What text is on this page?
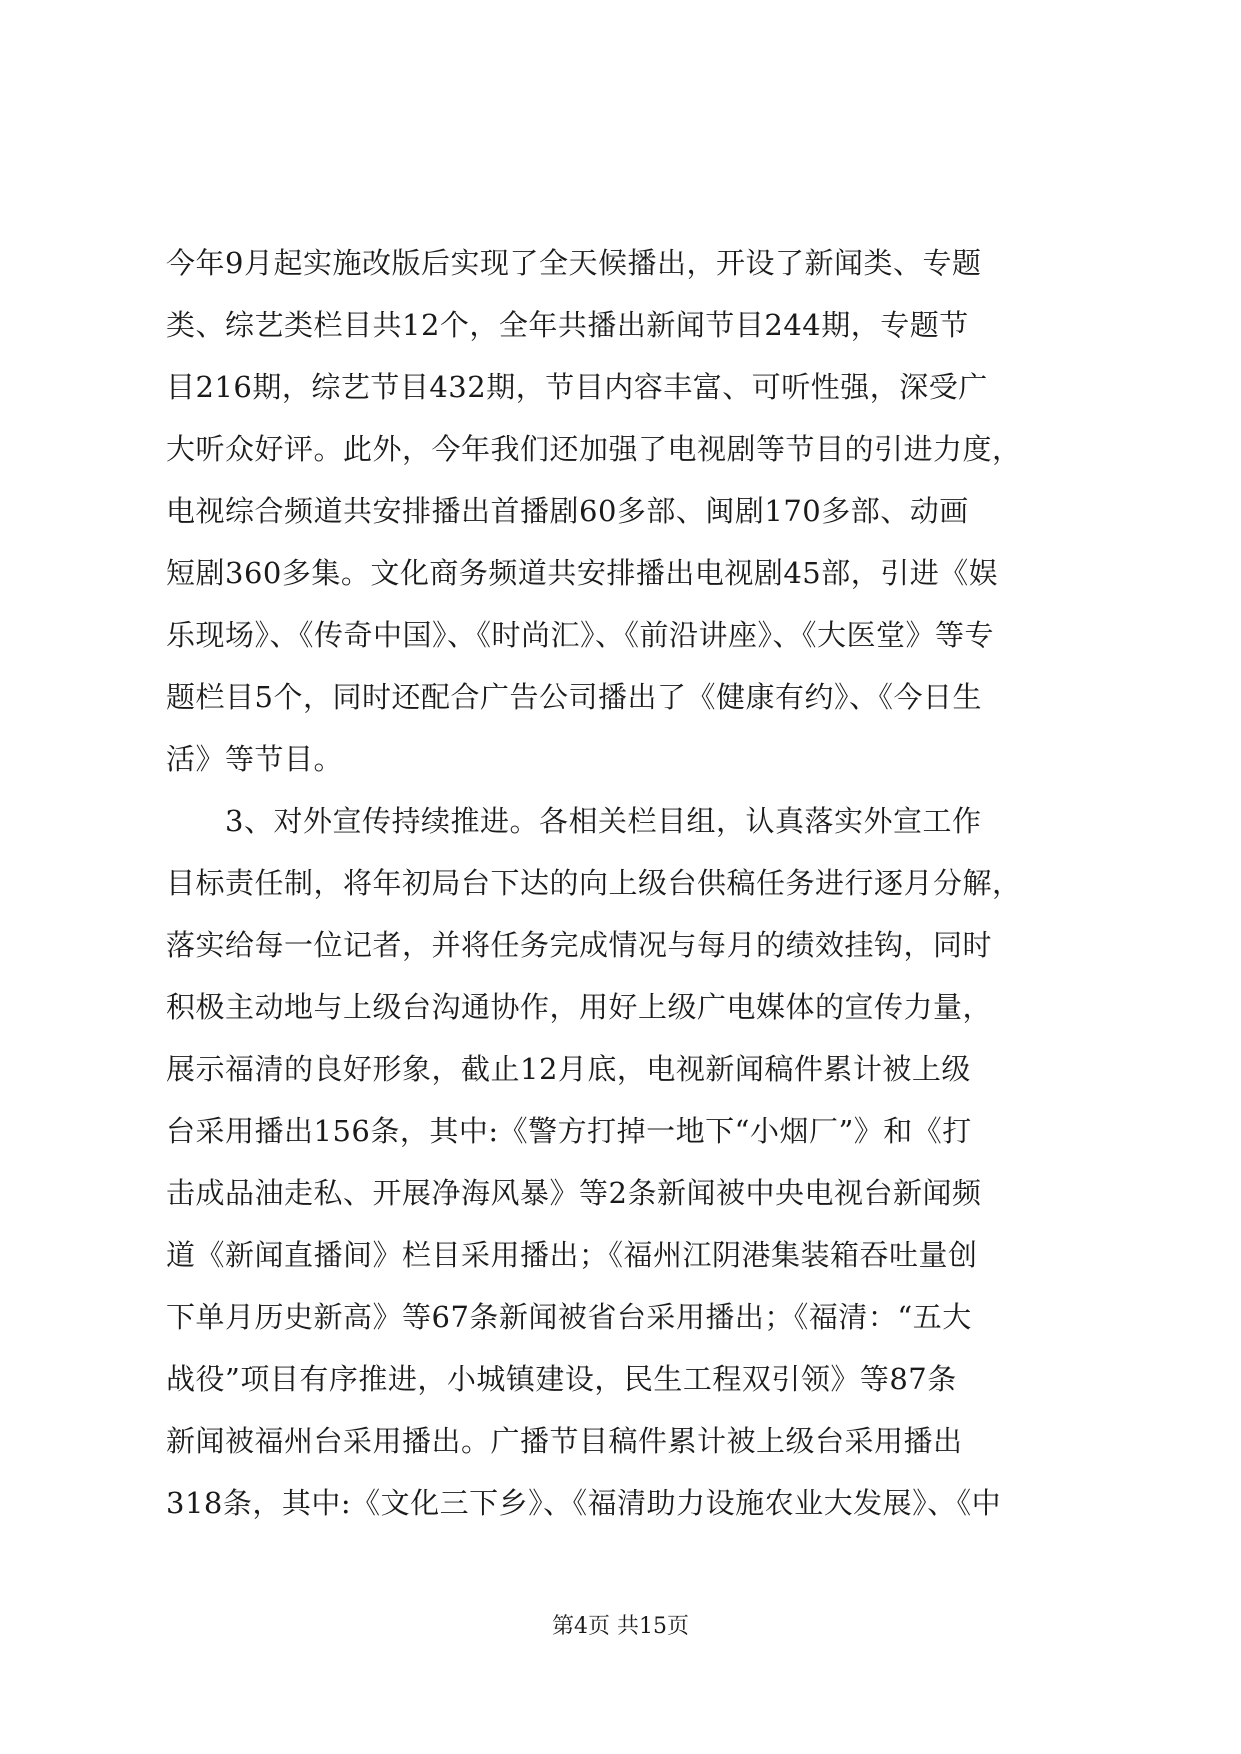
今年9月起实施改版后实现了全天候播出，开设了新闻类、专题
类、综艺类栏目共12个，全年共播出新闻节目244期，专题节
目216期，综艺节目432期，节目内容丰富、可听性强，深受广
大听众好评。此外，今年我们还加强了电视剧等节目的引进力度，
电视综合频道共安排播出首播剧60多部、闽剧170多部、动画
短剧360多集。文化商务频道共安排播出电视剧45部，引进《娱
乐现场》、《传奇中国》、《时尚汇》、《前沿讲座》、《大医堂》等专
题栏目5个，同时还配合广告公司播出了《健康有约》、《今日生
活》等节目。
　　3、对外宣传持续推进。各相关栏目组，认真落实外宣工作
目标责任制，将年初局台下达的向上级台供稿任务进行逐月分解，
落实给每一位记者，并将任务完成情况与每月的绩效挂钩，同时
积极主动地与上级台沟通协作，用好上级广电媒体的宣传力量，
展示福清的良好形象，截止12月底，电视新闻稿件累计被上级
台采用播出156条，其中:《警方打掉一地下“小烟厂”》和《打
击成品油走私、开展净海风暴》等2条新闻被中央电视台新闻频
道《新闻直播间》栏目采用播出；《福州江阴港集装箱吞吐量创
下单月历史新高》等67条新闻被省台采用播出；《福清：“五大
战役”项目有序推进，小城镇建设，民生工程双引领》等87条
新闻被福州台采用播出。广播节目稿件累计被上级台采用播出
318条，其中:《文化三下乡》、《福清助力设施农业大发展》、《中
第4页 共15页
